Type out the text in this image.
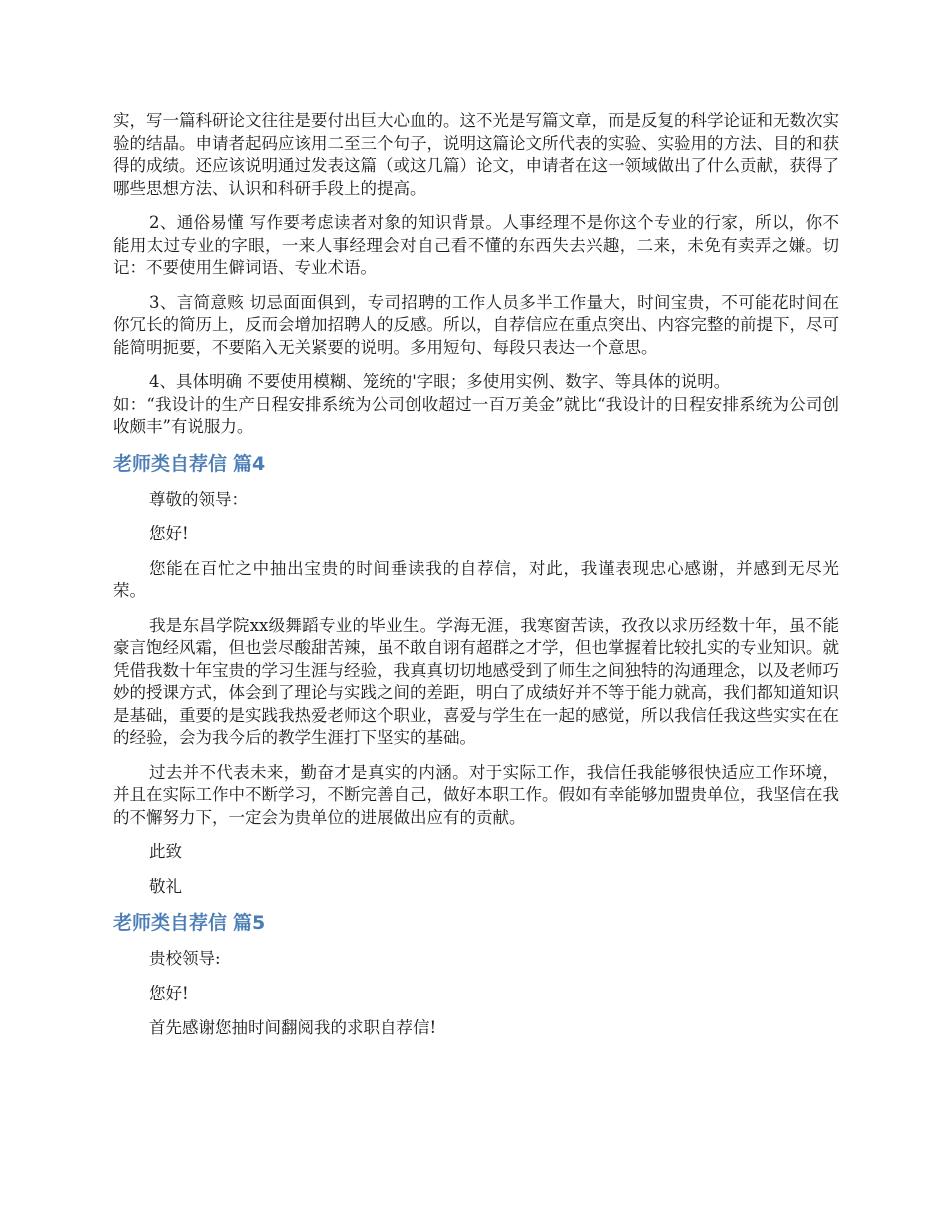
实，写一篇科研论文往往是要付出巨大心血的。这不光是写篇文章，而是反复的科学论证和无数次实验的结晶。申请者起码应该用二至三个句子，说明这篇论文所代表的实验、实验用的方法、目的和获得的成绩。还应该说明通过发表这篇（或这几篇）论文，申请者在这一领域做出了什么贡献，获得了哪些思想方法、认识和科研手段上的提高。

2、通俗易懂 写作要考虑读者对象的知识背景。人事经理不是你这个专业的行家，所以，你不能用太过专业的字眼，一来人事经理会对自己看不懂的东西失去兴趣，二来，未免有卖弄之嫌。切记：不要使用生僻词语、专业术语。

3、言简意赅 切忌面面俱到，专司招聘的工作人员多半工作量大，时间宝贵，不可能花时间在你冗长的简历上，反而会增加招聘人的反感。所以，自荐信应在重点突出、内容完整的前提下，尽可能简明扼要，不要陷入无关紧要的说明。多用短句、每段只表达一个意思。

4、具体明确 不要使用模糊、笼统的'字眼；多使用实例、数字、等具体的说明。

如：“我设计的生产日程安排系统为公司创收超过一百万美金”就比“我设计的日程安排系统为公司创收颇丰”有说服力。

老师类自荐信 篇4

尊敬的领导：

您好!

您能在百忙之中抽出宝贵的时间垂读我的自荐信，对此，我谨表现忠心感谢，并感到无尽光荣。

我是东昌学院xx级舞蹈专业的毕业生。学海无涯，我寒窗苦读，孜孜以求历经数十年，虽不能豪言饱经风霜，但也尝尽酸甜苦辣，虽不敢自诩有超群之才学，但也掌握着比较扎实的专业知识。就凭借我数十年宝贵的学习生涯与经验，我真真切切地感受到了师生之间独特的沟通理念，以及老师巧妙的授课方式，体会到了理论与实践之间的差距，明白了成绩好并不等于能力就高，我们都知道知识是基础，重要的是实践我热爱老师这个职业，喜爱与学生在一起的感觉，所以我信任我这些实实在在的经验，会为我今后的教学生涯打下坚实的基础。

过去并不代表未来，勤奋才是真实的内涵。对于实际工作，我信任我能够很快适应工作环境，并且在实际工作中不断学习，不断完善自己，做好本职工作。假如有幸能够加盟贵单位，我坚信在我的不懈努力下，一定会为贵单位的进展做出应有的贡献。

此致

敬礼

老师类自荐信 篇5

贵校领导:

您好!

首先感谢您抽时间翻阅我的求职自荐信!
